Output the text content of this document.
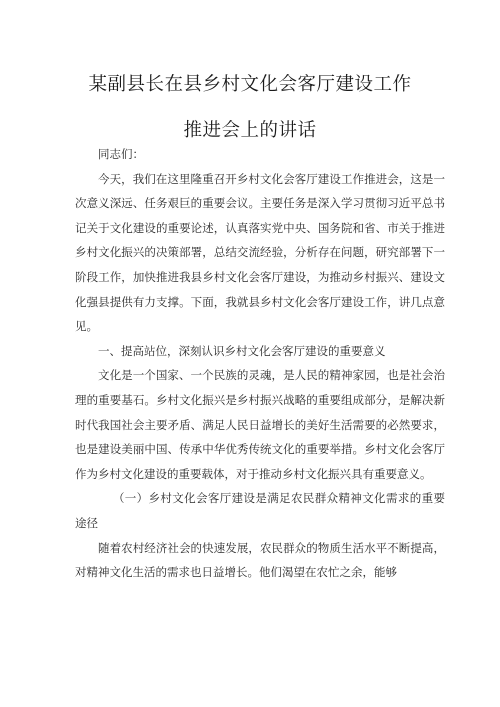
某副县长在县乡村文化会客厅建设工作
推进会上的讲话

同志们：

今天，我们在这里隆重召开乡村文化会客厅建设工作推进会，这是一次意义深远、任务艰巨的重要会议。主要任务是深入学习贯彻习近平总书记关于文化建设的重要论述，认真落实党中央、国务院和省、市关于推进乡村文化振兴的决策部署，总结交流经验，分析存在问题，研究部署下一阶段工作，加快推进我县乡村文化会客厅建设，为推动乡村振兴、建设文化强县提供有力支撑。下面，我就县乡村文化会客厅建设工作，讲几点意见。

一、提高站位，深刻认识乡村文化会客厅建设的重要意义

文化是一个国家、一个民族的灵魂，是人民的精神家园，也是社会治理的重要基石。乡村文化振兴是乡村振兴战略的重要组成部分，是解决新时代我国社会主要矛盾、满足人民日益增长的美好生活需要的必然要求，也是建设美丽中国、传承中华优秀传统文化的重要举措。乡村文化会客厅作为乡村文化建设的重要载体，对于推动乡村文化振兴具有重要意义。

（一）乡村文化会客厅建设是满足农民群众精神文化需求的重要途径

随着农村经济社会的快速发展，农民群众的物质生活水平不断提高，对精神文化生活的需求也日益增长。他们渴望在农忙之余，能够
